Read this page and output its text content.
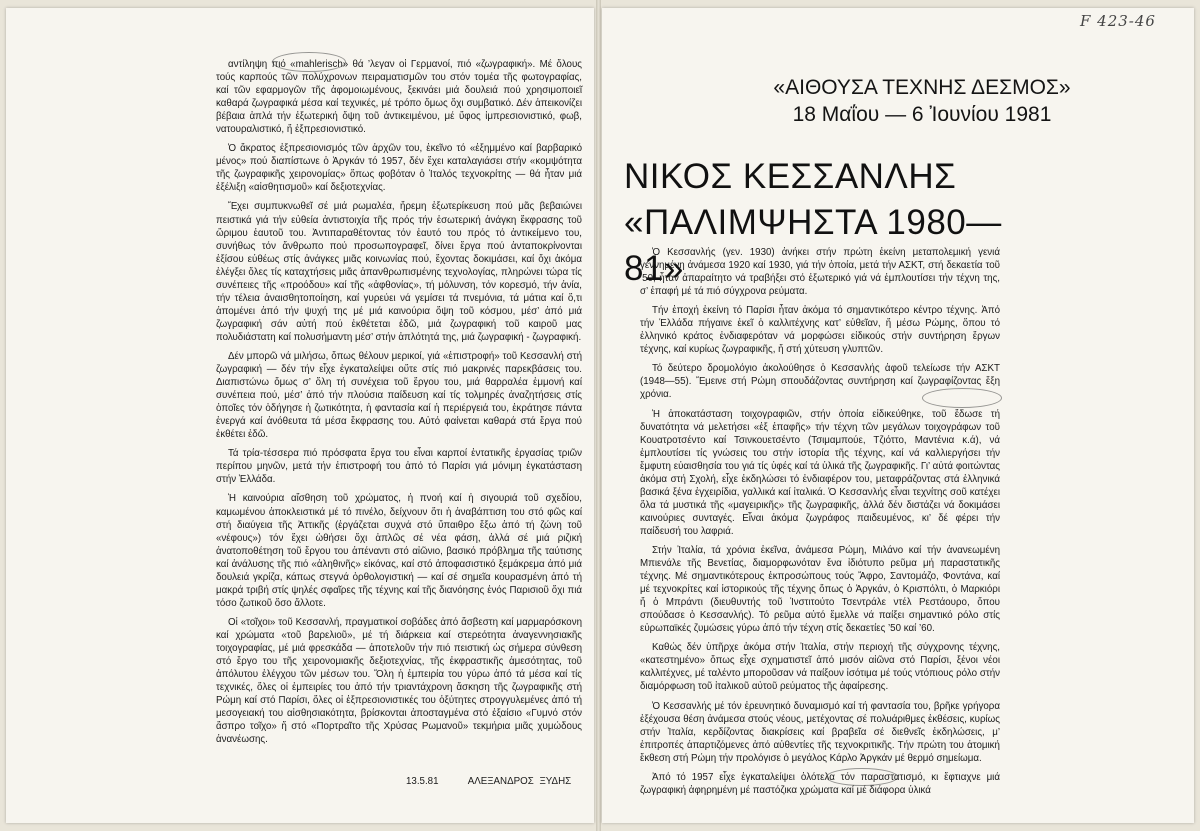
αντίληψη πιό «mahlerisch» θά ’λεγαν οἱ Γερμανοί, πιό «ζωγραφική». Μέ ὅλους τούς καρπούς τῶν πολύχρονων πειραματισμῶν του στόν τομέα τῆς φωτογραφίας, καί τῶν εφαρμογῶν τῆς ἀφομοιωμένους, ξεκινάει μιά δουλειά πού χρησιμοποιεῖ καθαρά ζωγραφικά μέσα καί τεχνικές, μέ τρόπο ὅμως ὄχι συμβατικό. Δέν ἀπεικονίζει βέβαια ἁπλά τήν ἐξωτερική ὄψη τοῦ ἀντικειμένου, μέ ὕφος ἰμπρεσιονιστικό, φωβ, νατουραλιστικό, ἤ ἐξπρεσιονιστικό.

Ὁ ἄκρατος ἐξπρεσιονισμός τῶν ἀρχῶν του, ἐκεῖνο τό «ἐξημμένο καί βαρβαρικό μένος» πού διαπίστωνε ὁ Ἀργκάν τό 1957, δέν ἔχει καταλαγιάσει στήν «κομψότητα τῆς ζωγραφικῆς χειρονομίας» ὅπως φοβόταν ὁ Ἰταλός τεχνοκρίτης — θά ἦταν μιά ἐξέλιξη «αἰσθητισμοῦ» καί δεξιοτεχνίας.

Ἔχει συμπυκνωθεῖ σέ μιά ρωμαλέα, ἤρεμη ἐξωτερίκευση πού μᾶς βεβαιώνει πειστικά γιά τήν εὐθεία ἀντιστοιχία τῆς πρός τήν ἐσωτερική ἀνάγκη ἔκφρασης τοῦ ὥριμου ἑαυτοῦ του. Ἀντιπαραθέτοντας τόν ἑαυτό του πρός τό ἀντικείμενο του, συνήθως τόν ἄνθρωπο πού προσωπογραφεῖ, δίνει ἔργα πού ἀνταποκρίνονται ἐξίσου εὐθέως στίς ἀνάγκες μιᾶς κοινωνίας πού, ἔχοντας δοκιμάσει, καί ὄχι ἀκόμα ἐλέγξει ὅλες τίς καταχτήσεις μιᾶς ἀπανθρωπισμένης τεχνολογίας, πληρώνει τώρα τίς συνέπειες τῆς «προόδου» καί τῆς «ἀφθονίας», τή μόλυνση, τόν κορεσμό, τήν ἀνία, τήν τέλεια ἀναισθητοποίηση, καί γυρεύει νά γεμίσει τά πνεμόνια, τά μάτια καί ὅ,τι ἀπομένει ἀπό τήν ψυχή της μέ μιά καινούρια ὄψη τοῦ κόσμου, μέσ’ ἀπό μιά ζωγραφική σάν αὐτή πού ἐκθέτεται ἐδῶ, μιά ζωγραφική τοῦ καιροῦ μας πολυδιάστατη καί πολυσήμαντη μέσ’ στήν ἁπλότητά της, μιά ζωγραφική - ζωγραφική.

Δέν μπορῶ νά μιλήσω, ὅπως θέλουν μερικοί, γιά «ἐπιστροφή» τοῦ Κεσσανλή στή ζωγραφική — δέν τήν εἶχε ἐγκαταλείψει οὔτε στίς πιό μακρινές παρεκβάσεις του. Διαπιστώνω ὅμως σ’ ὅλη τή συνέχεια τοῦ ἔργου του, μιά θαρραλέα ἐμμονή καί συνέπεια πού, μέσ’ ἀπό τήν πλούσια παίδευση καί τίς τολμηρές ἀναζητήσεις στίς ὁποῖες τόν ὁδήγησε ἡ ζωτικότητα, ἡ φαντασία καί ἡ περιέργειά του, ἐκράτησε πάντα ἐνεργά καί ἀνόθευτα τά μέσα ἔκφρασης του. Αὐτό φαίνεται καθαρά στά ἔργα πού ἐκθέτει ἐδῶ.

Τά τρία-τέσσερα πιό πρόσφατα ἔργα του εἶναι καρποί ἐντατικῆς ἐργασίας τριῶν περίπου μηνῶν, μετά τήν ἐπιστροφή του ἀπό τό Παρίσι γιά μόνιμη ἐγκατάσταση στήν Ἑλλάδα.

Ἡ καινούρια αἴσθηση τοῦ χρώματος, ἡ πνοή καί ἡ σιγουριά τοῦ σχεδίου, καμωμένου ἀποκλειστικά μέ τό πινέλο, δείχνουν ὅτι ἡ ἀναβάπτιση του στό φῶς καί στή διαύγεια τῆς Ἀττικῆς (ἐργάζεται συχνά στό ὕπαιθρο ἔξω ἀπό τή ζώνη τοῦ «νέφους») τόν ἔχει ὠθήσει ὄχι ἁπλῶς σέ νέα φάση, ἀλλά σέ μιά ριζική ἀνατοποθέτηση τοῦ ἔργου του ἀπέναντι στό αἰῶνιο, βασικό πρόβλημα τῆς ταύτισης καί ἀνάλυσης τῆς πιό «ἀληθινῆς» εἰκόνας, καί στό ἀποφασιστικό ξεμάκρεμα ἀπό μιά δουλειά γκρίζα, κάπως στεγνά ὀρθολογιστική — καί σέ σημεῖα κουρασμένη ἀπό τή μακρά τριβή στίς ψηλές σφαῖρες τῆς τέχνης καί τῆς διανόησης ἑνός Παρισιοῦ ὄχι πιά τόσο ζωτικοῦ ὅσο ἄλλοτε.

Οἱ «τοῖχοι» τοῦ Κεσσανλή, πραγματικοί σοβάδες ἀπό ἄσβεστη καί μαρμαρόσκονη καί χρώματα «τοῦ βαρελιοῦ», μέ τή διάρκεια καί στερεότητα ἀναγεννησιακῆς τοιχογραφίας, μέ μιά φρεσκάδα — ἀποτελοῦν τήν πιό πειστική ὡς σήμερα σύνθεση στό ἔργο του τῆς χειρονομιακῆς δεξιοτεχνίας, τῆς ἐκφραστικῆς ἀμεσότητας, τοῦ ἀπόλυτου ἐλέγχου τῶν μέσων του. Ὅλη ἡ ἐμπειρία του γύρω ἀπό τά μέσα καί τίς τεχνικές, ὅλες οἱ ἐμπειρίες του ἀπό τήν τριαντάχρονη ἄσκηση τῆς ζωγραφικῆς στή Ρώμη καί στό Παρίσι, ὅλες οἱ ἐξπρεσιονιστικές του ὀξύτητες στρογγυλεμένες ἀπό τή μεσογειακή του αἰσθησιακότητα, βρίσκονται ἀποσταγμένα στό ἐξαίσιο «Γυμνό στόν ἄσπρο τοῖχο» ἤ στό «Πορτραῖτο τῆς Χρύσας Ρωμανοῦ» τεκμήρια μιᾶς χυμώδους ἀνανέωσης.

13.5.81	ΑΛΕΞΑΝΔΡΟΣ ΞΥΔΗΣ
«ΑΙΘΟΥΣΑ ΤΕΧΝΗΣ ΔΕΣΜΟΣ»
18 Μαΐου — 6 Ἰουνίου 1981
ΝΙΚΟΣ ΚΕΣΣΑΝΛΗΣ
«ΠΑΛΙΜΨΗΣΤΑ 1980—81»

Ὁ Κεσσανλής (γεν. 1930) ἀνήκει στήν πρώτη ἐκείνη μεταπολεμική γενιά γεννημένη ἀνάμεσα 1920 καί 1930, γιά τήν ὁποία, μετά τήν ΑΣΚΤ, στή δεκαετία τοῦ ’50, ἦταν ἀπαραίτητο νά τραβήξει στό ἐξωτερικό γιά νά ἐμπλουτίσει τήν τέχνη της, σ’ ἐπαφή μέ τά πιό σύγχρονα ρεύματα.

Τήν ἐποχή ἐκείνη τό Παρίσι ἦταν ἀκόμα τό σημαντικότερο κέντρο τέχνης. Ἀπό τήν Ἑλλάδα πήγαινε ἐκεῖ ὁ καλλιτέχνης κατ’ εὐθεῖαν, ἤ μέσω Ρώμης, ὅπου τό ἑλληνικό κράτος ἐνδιαφερόταν νά μορφώσει εἰδικούς στήν συντήρηση ἔργων τέχνης, καί κυρίως ζωγραφικῆς, ἤ στή χύτευση γλυπτῶν.

Τό δεύτερο δρομολόγιο ἀκολούθησε ὁ Κεσσανλής ἀφοῦ τελείωσε τήν ΑΣΚΤ (1948—55). Ἔμεινε στή Ρώμη σπουδάζοντας συντήρηση καί ζωγραφίζοντας ἕξη χρόνια.

Ἡ ἀποκατάσταση τοιχογραφιῶν, στήν ὁποία εἰδικεύθηκε, τοῦ ἔδωσε τή δυνατότητα νά μελετήσει «ἐξ ἐπαφῆς» τήν τέχνη τῶν μεγάλων τοιχογράφων τοῦ Κουατροτσέντο καί Τσινκουετσέντο (Τσιμαμπούε, Τζιόττο, Μαντένια κ.ά), νά ἐμπλουτίσει τίς γνώσεις του στήν ἱστορία τῆς τέχνης, καί νά καλλιεργήσει τήν ἔμφυτη εὐαισθησία του γιά τίς ὑφές καί τά ὑλικά τῆς ζωγραφικῆς. Γι’ αὐτά φοιτώντας ἀκόμα στή Σχολή, εἶχε ἐκδηλώσει τό ἐνδιαφέρον του, μεταφράζοντας στά ἑλληνικά βασικά ξένα ἐγχειρίδια, γαλλικά καί ἰταλικά. Ὁ Κεσσανλής εἶναι τεχνίτης σοῦ κατέχει ὅλα τά μυστικά τῆς «μαγειρικῆς» τῆς ζωγραφικῆς, ἀλλά δέν διστάζει νά δοκιμάσει καινούριες συνταγές. Εἶναι ἀκόμα ζωγράφος παιδευμένος, κι’ δέ φέρει τήν παίδευσή του λαφριά.

Στήν Ἰταλία, τά χρόνια ἐκεῖνα, ἀνάμεσα Ρώμη, Μιλάνο καί τήν ἀνανεωμένη Μπιενάλε τῆς Βενετίας, διαμορφωνόταν ἕνα ἰδιότυπο ρεῦμα μή παραστατικῆς τέχνης. Μέ σημαντικότερους ἐκπροσώπους τούς Ἄφρο, Σαντομάζο, Φοντάνα, καί μέ τεχνοκρίτες καί ἱστορικούς τῆς τέχνης ὅπως ὁ Ἀργκάν, ὁ Κρισπόλτι, ὁ Μαρκιόρι ἤ ὁ Μπράντι (διευθυντής τοῦ Ἰνστιτούτο Τσεντράλε ντέλ Ρεστάουρο, ὅπου σπούδασε ὁ Κεσσανλής). Τό ρεῦμα αὐτό ἔμελλε νά παίξει σημαντικό ρόλο στίς εὐρωπαϊκές ζυμώσεις γύρω ἀπό τήν τέχνη στίς δεκαετίες ’50 καί ’60.

Καθώς δέν ὑπῆρχε ἀκόμα στήν Ἰταλία, στήν περιοχή τῆς σύγχρονης τέχνης, «κατεστημένο» ὅπως εἶχε σχηματιστεῖ ἀπό μισόν αἰῶνα στό Παρίσι, ξένοι νέοι καλλιτέχνες, μέ ταλέντο μποροῦσαν νά παίξουν ἰσότιμα μέ τούς ντόπιους ρόλο στήν διαμόρφωση τοῦ ἰταλικοῦ αὐτοῦ ρεύματος τῆς ἀφαίρεσης.

Ὁ Κεσσανλής μέ τόν ἐρευνητικό δυναμισμό καί τή φαντασία του, βρῆκε γρήγορα ἐξέχουσα θέση ἀνάμεσα στούς νέους, μετέχοντας σέ πολυάριθμες ἐκθέσεις, κυρίως στήν Ἰταλία, κερδίζοντας διακρίσεις καί βραβεῖα σέ διεθνεῖς ἐκδηλώσεις, μ’ ἐπιτροπές ἀπαρτιζόμενες ἀπό αὐθεντίες τῆς τεχνοκριτικῆς. Τήν πρώτη του ἀτομική ἔκθεση στή Ρώμη τήν προλόγισε ὁ μεγάλος Κάρλο Ἀργκάν μέ θερμό σημείωμα.

Ἀπό τό 1957 εἶχε ἐγκαταλείψει ὁλότελα τόν παραστατισμό, κι ἔφτιαχνε μιά ζωγραφική ἀφηρημένη μέ παστόζικα χρώματα καί μέ διάφορα ὑλικά

F 423-46
